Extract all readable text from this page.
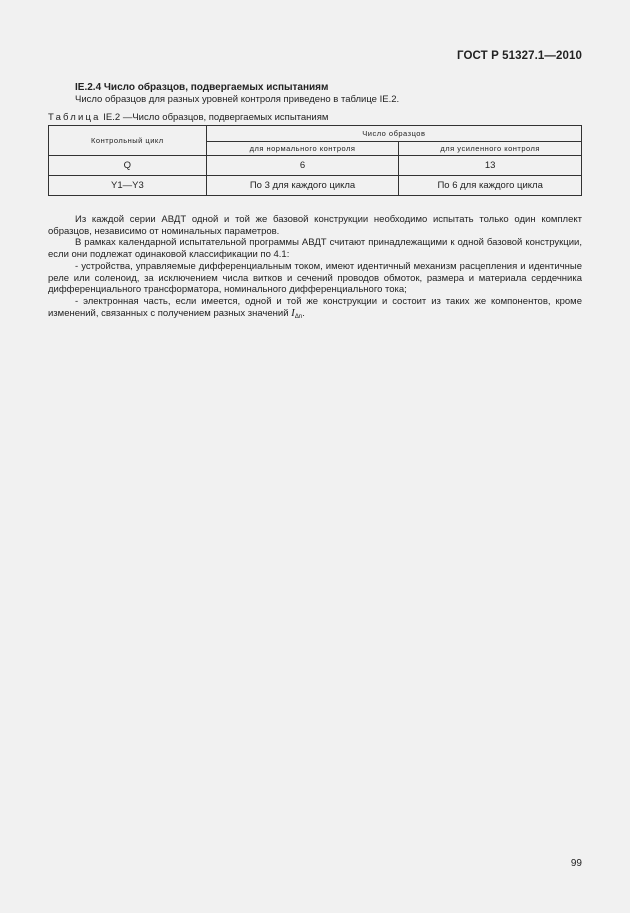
ГОСТ Р 51327.1—2010
IE.2.4 Число образцов, подвергаемых испытаниям
Число образцов для разных уровней контроля приведено в таблице IE.2.
Таблица IE.2 —Число образцов, подвергаемых испытаниям
Контрольный цикл	Число образцов	
	для нормального контроля	для усиленного контроля
Q	6	13
Y1—Y3	По 3 для каждого цикла	По 6 для каждого цикла

Из каждой серии АВДТ одной и той же базовой конструкции необходимо испытать только один комплект образцов, независимо от номинальных параметров.

В рамках календарной испытательной программы АВДТ считают принадлежащими к одной базовой конструкции, если они подлежат одинаковой классификации по 4.1:

- устройства, управляемые дифференциальным током, имеют идентичный механизм расцепления и идентичные реле или соленоид, за исключением числа витков и сечений проводов обмоток, размера и материала сердечника дифференциального трансформатора, номинального дифференциального тока;

- электронная часть, если имеется, одной и той же конструкции и состоит из таких же компонентов, кроме изменений, связанных с получением разных значений $I_{\Delta n}$.

99
